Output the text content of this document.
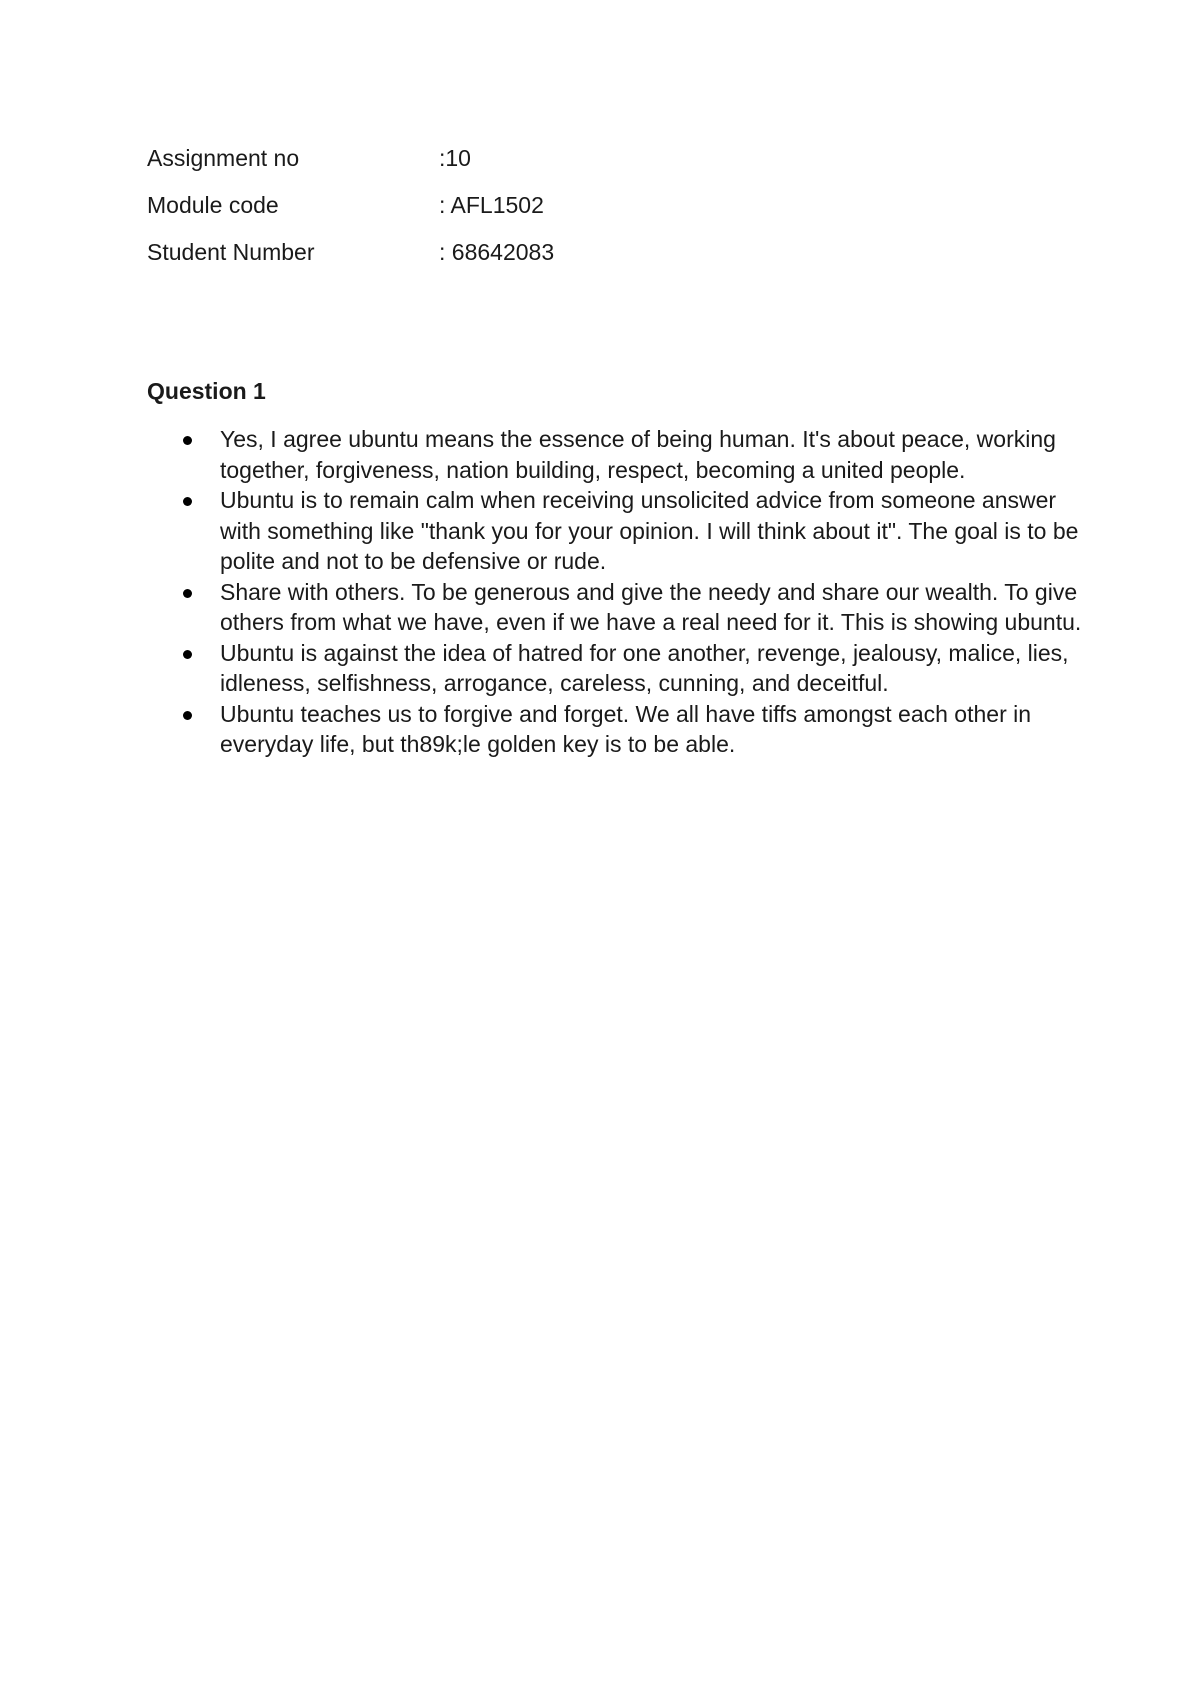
Assignment no	:10
Module code	: AFL1502
Student Number	: 68642083
Question 1
Yes, I agree ubuntu means the essence of being human. It's about peace, working together, forgiveness, nation building, respect, becoming a united people.
Ubuntu is to remain calm when receiving unsolicited advice from someone answer with something like "thank you for your opinion. I will think about it". The goal is to be polite and not to be defensive or rude.
Share with others. To be generous and give the needy and share our wealth. To give others from what we have, even if we have a real need for it. This is showing ubuntu.
Ubuntu is against the idea of hatred for one another, revenge, jealousy, malice, lies, idleness, selfishness, arrogance, careless, cunning, and deceitful.
Ubuntu teaches us to forgive and forget. We all have tiffs amongst each other in everyday life, but th89k;le golden key is to be able.
